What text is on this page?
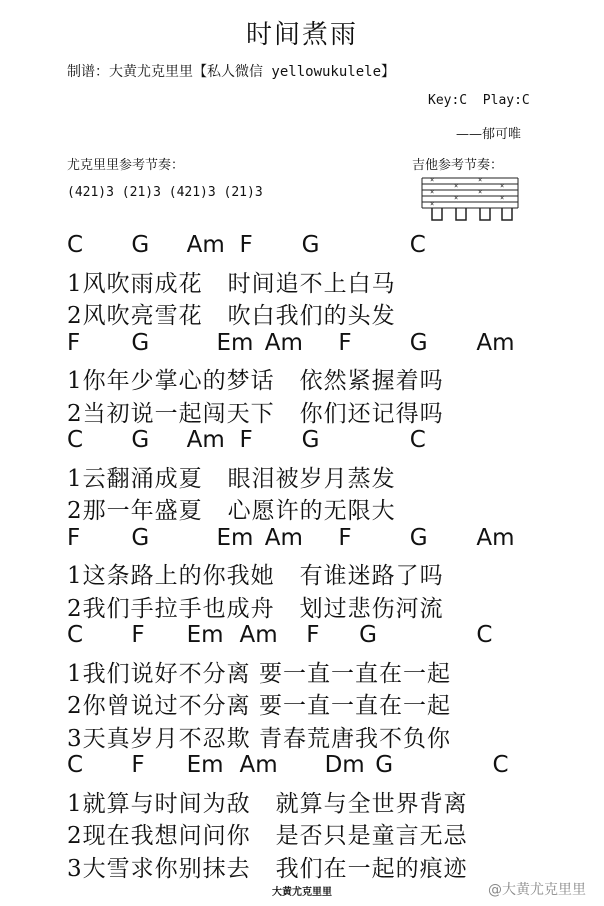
时间煮雨
制谱：大黄尤克里里【私人微信 yellowukulele】
Key:C  Play:C
——郁可唯
尤克里里参考节奏：
(421)3 (21)3 (421)3 (21)3
吉他参考节奏：
×
×
×
×
×
×
×
×
×
C G Am F G	C
1风吹雨成花   时间追不上白马
2风吹亮雪花   吹白我们的头发
F G	Em Am F	G Am
1你年少掌心的梦话   依然紧握着吗
2当初说一起闯天下   你们还记得吗
C G Am F G	C
1云翻涌成夏   眼泪被岁月蒸发
2那一年盛夏   心愿许的无限大
F G	Em Am F	G Am
1这条路上的你我她   有谁迷路了吗
2我们手拉手也成舟   划过悲伤河流
C F Em Am F G	C
1我们说好不分离 要一直一直在一起
2你曾说过不分离 要一直一直在一起
3天真岁月不忍欺 青春荒唐我不负你
C F Em Am Dm G	C
1就算与时间为敌   就算与全世界背离
2现在我想问问你   是否只是童言无忌
3大雪求你别抹去   我们在一起的痕迹
大黄尤克里里	@大黄尤克里里
